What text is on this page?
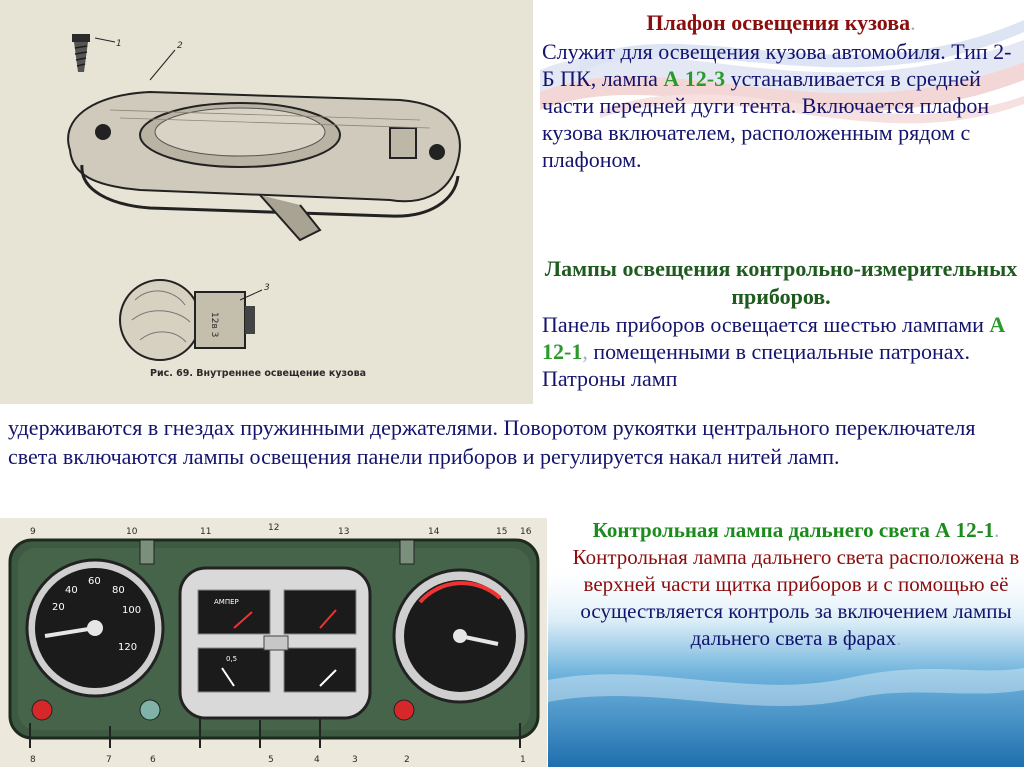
12в 3
1	2
3
Рис. 69. Внутреннее освещение кузова
Плафон освещения кузова.
Служит для освещения кузова автомобиля. Тип 2-Б ПК, лампа А 12-3 устанавливается в средней части передней дуги тента. Включается плафон кузова включателем, расположенным рядом с плафоном.
Лампы освещения контрольно-измерительных приборов.
Панель приборов освещается шестью лампами А 12-1, помещенными в специальные патронах. Патроны ламп
удерживаются в гнездах пружинными держателями. Поворотом рукоятки центрального переключателя света включаются лампы освещения панели приборов и регулируется накал нитей ламп.
20
40
60
80
100
120
АМПЕР
0,5
9	10	11	12	13	14	15
8	7	6	5	4	3	2	1
16	Контрольная лампа дальнего света А 12-1.
Контрольная лампа дальнего света расположена в верхней части щитка приборов и с помощью её
осуществляется контроль за включением лампы дальнего света в фарах.
